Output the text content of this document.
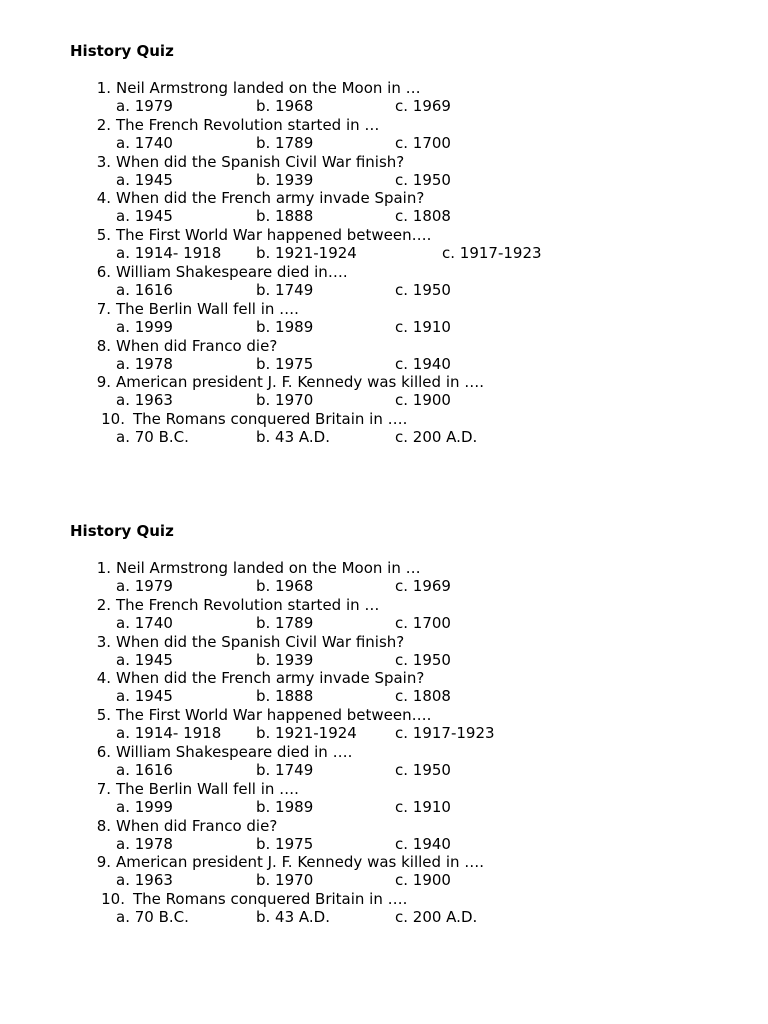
History Quiz
1. Neil Armstrong landed on the Moon in …
a. 1979	b. 1968	c. 1969
2. The French Revolution started in …
a. 1740	b. 1789	c. 1700
3. When did the Spanish Civil War finish?
a. 1945	b. 1939	c. 1950
4. When did the French army invade Spain?
a. 1945	b. 1888	c. 1808
5. The First World War happened between….
a. 1914- 1918 b. 1921-1924	c. 1917-1923
6. William Shakespeare died in….
a. 1616	b. 1749	c. 1950
7. The Berlin Wall fell in ….
a. 1999	b. 1989	c. 1910
8. When did Franco die?
a. 1978	b. 1975	c. 1940
9. American president J. F. Kennedy was killed in ….
a. 1963	b. 1970	c. 1900
10. The Romans conquered Britain in ….
a. 70 B.C.	b. 43 A.D.	c. 200 A.D.
History Quiz
1. Neil Armstrong landed on the Moon in …
a. 1979	b. 1968	c. 1969
2. The French Revolution started in …
a. 1740	b. 1789	c. 1700
3. When did the Spanish Civil War finish?
a. 1945	b. 1939	c. 1950
4. When did the French army invade Spain?
a. 1945	b. 1888	c. 1808
5. The First World War happened between….
a. 1914- 1918 b. 1921-1924	c. 1917-1923
6. William Shakespeare died in ….
a. 1616	b. 1749	c. 1950
7. The Berlin Wall fell in ….
a. 1999	b. 1989	c. 1910
8. When did Franco die?
a. 1978	b. 1975	c. 1940
9. American president J. F. Kennedy was killed in ….
a. 1963	b. 1970	c. 1900
10. The Romans conquered Britain in ….
a. 70 B.C.	b. 43 A.D.	c. 200 A.D.
